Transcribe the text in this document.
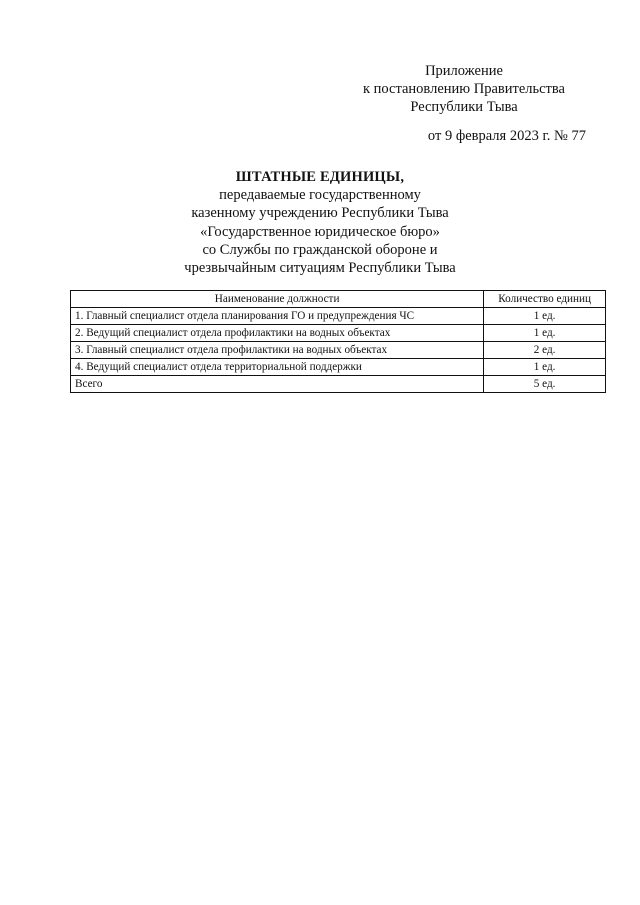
Приложение
к постановлению Правительства
Республики Тыва
от 9 февраля 2023 г. № 77
ШТАТНЫЕ ЕДИНИЦЫ,
передаваемые государственному
казенному учреждению Республики Тыва
«Государственное юридическое бюро»
со Службы по гражданской обороне и
чрезвычайным ситуациям Республики Тыва
Наименование должности	Количество единиц
1. Главный специалист отдела планирования ГО и предупреждения ЧС	1 ед.
2. Ведущий специалист отдела профилактики на водных объектах	1 ед.
3. Главный специалист отдела профилактики на водных объектах	2 ед.
4. Ведущий специалист отдела территориальной поддержки	1 ед.
Всего	5 ед.
